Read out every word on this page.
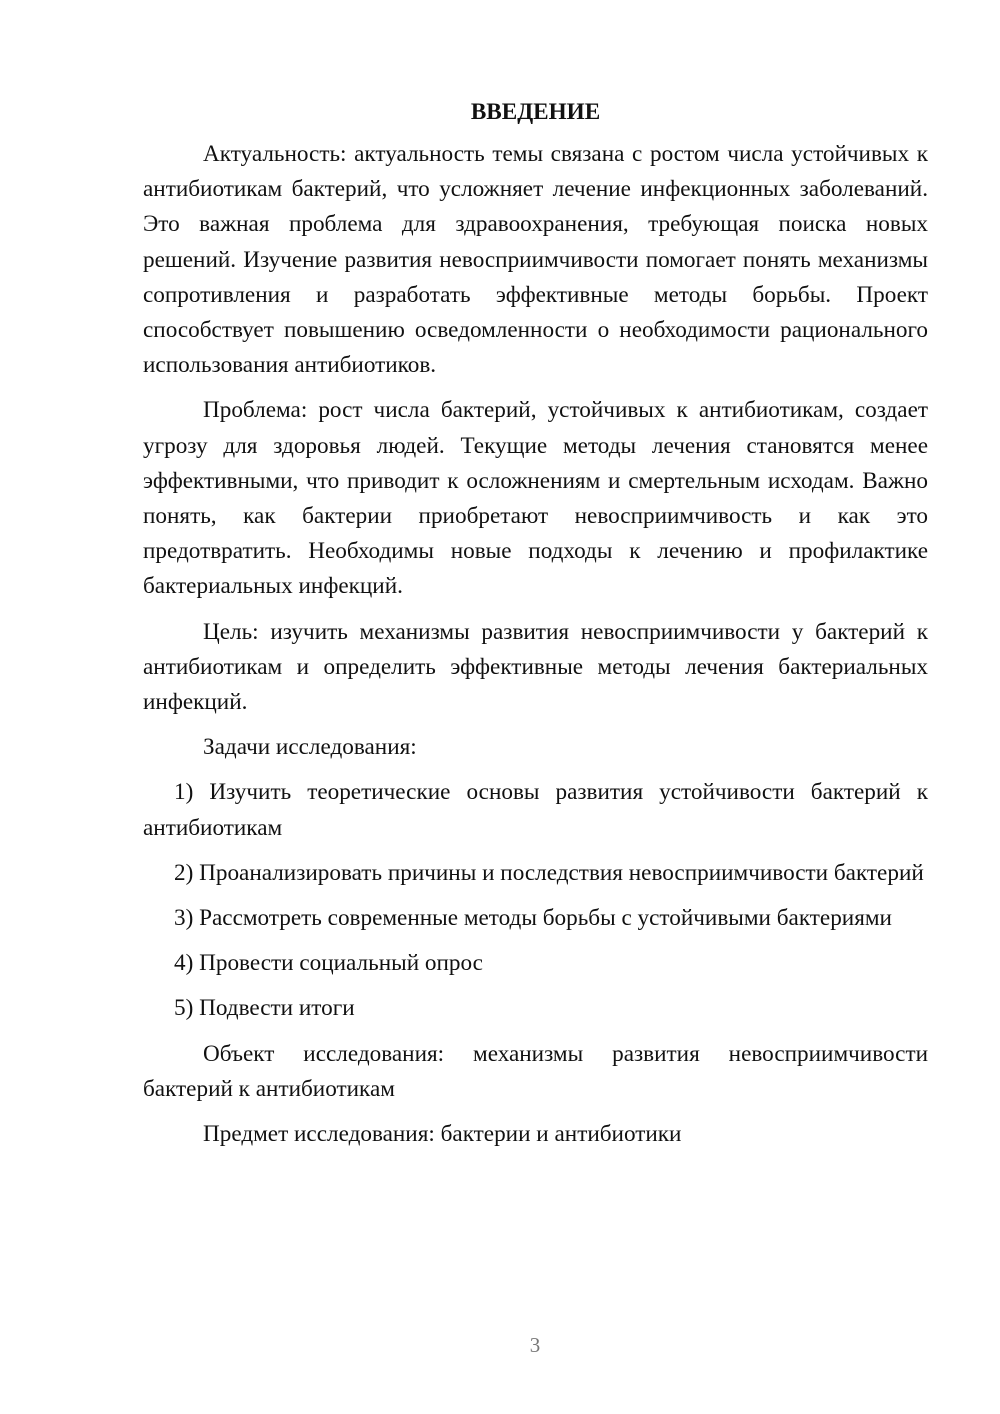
ВВЕДЕНИЕ

Актуальность: актуальность темы связана с ростом числа устойчивых к антибиотикам бактерий, что усложняет лечение инфекционных заболеваний. Это важная проблема для здравоохранения, требующая поиска новых решений. Изучение развития невосприимчивости помогает понять механизмы сопротивления и разработать эффективные методы борьбы. Проект способствует повышению осведомленности о необходимости рационального использования антибиотиков.

Проблема: рост числа бактерий, устойчивых к антибиотикам, создает угрозу для здоровья людей. Текущие методы лечения становятся менее эффективными, что приводит к осложнениям и смертельным исходам. Важно понять, как бактерии приобретают невосприимчивость и как это предотвратить. Необходимы новые подходы к лечению и профилактике бактериальных инфекций.

Цель: изучить механизмы развития невосприимчивости у бактерий к антибиотикам и определить эффективные методы лечения бактериальных инфекций.

Задачи исследования:

1) Изучить теоретические основы развития устойчивости бактерий к антибиотикам

2) Проанализировать причины и последствия невосприимчивости бактерий

3) Рассмотреть современные методы борьбы с устойчивыми бактериями

4) Провести социальный опрос

5) Подвести итоги

Объект исследования: механизмы развития невосприимчивости бактерий к антибиотикам

Предмет исследования: бактерии и антибиотики

3
